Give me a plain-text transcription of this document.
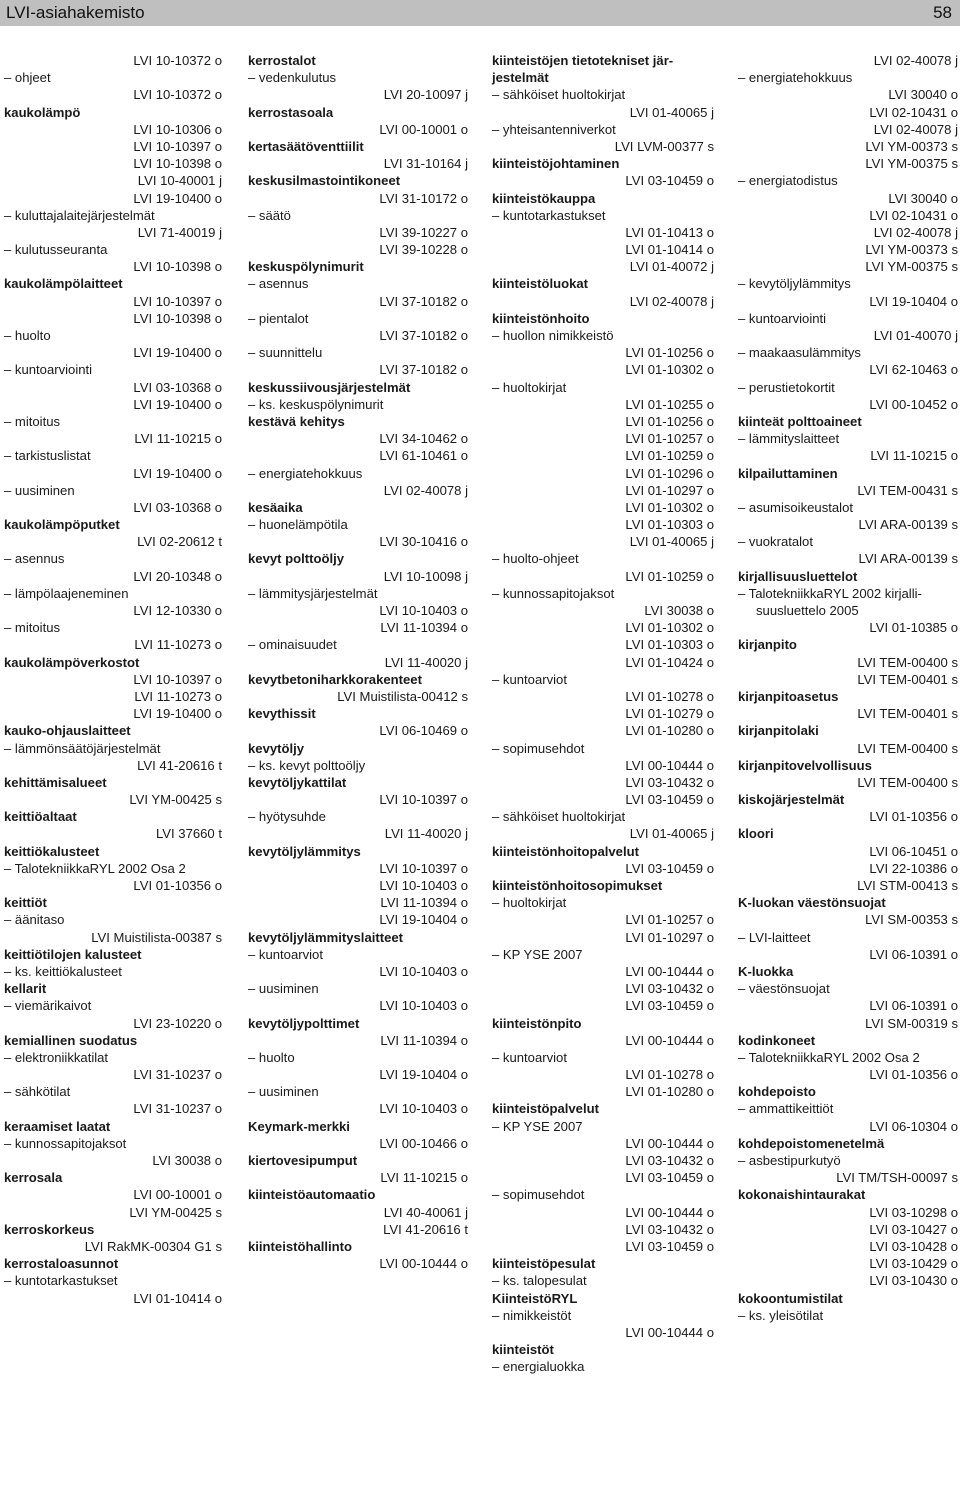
LVI-asiahakemisto	58
LVI 10-10372 o
– ohjeet
LVI 10-10372 o
kaukolämpö
LVI 10-10306 o
LVI 10-10397 o
LVI 10-10398 o
LVI 10-40001 j
LVI 19-10400 o
– kuluttajalaitejärjestelmät
LVI 71-40019 j
– kulutusseuranta
LVI 10-10398 o
kaukolämpölaitteet
LVI 10-10397 o
LVI 10-10398 o
– huolto
LVI 19-10400 o
– kuntoarviointi
LVI 03-10368 o
LVI 19-10400 o
– mitoitus
LVI 11-10215 o
– tarkistuslistat
LVI 19-10400 o
– uusiminen
LVI 03-10368 o
kaukolämpöputket
LVI 02-20612 t
– asennus
LVI 20-10348 o
– lämpölaajeneminen
LVI 12-10330 o
– mitoitus
LVI 11-10273 o
kaukolämpöverkostot
LVI 10-10397 o
LVI 11-10273 o
LVI 19-10400 o
kauko-ohjauslaitteet
– lämmönsäätöjärjestelmät
LVI 41-20616 t
kehittämisalueet
LVI YM-00425 s
keittiöaltaat
LVI 37660 t
keittiökalusteet
– TalotekniikkaRYL 2002 Osa 2
LVI 01-10356 o
keittiöt
– äänitaso
LVI Muistilista-00387 s
keittiötilojen kalusteet
– ks. keittiökalusteet
kellarit
– viemärikaivot
LVI 23-10220 o
kemiallinen suodatus
– elektroniikkatilat
LVI 31-10237 o
– sähkötilat
LVI 31-10237 o
keraamiset laatat
– kunnossapitojaksot
LVI 30038 o
kerrosala
LVI 00-10001 o
LVI YM-00425 s
kerroskorkeus
LVI RakMK-00304 G1 s
kerrostaloasunnot
– kuntotarkastukset
LVI 01-10414 o
kerrostalot
– vedenkulutus
LVI 20-10097 j
kerrostasoala
LVI 00-10001 o
kertasäätöventtiilit
LVI 31-10164 j
keskusilmastointikoneet
LVI 31-10172 o
– säätö
LVI 39-10227 o
LVI 39-10228 o
keskuspölynimurit
– asennus
LVI 37-10182 o
– pientalot
LVI 37-10182 o
– suunnittelu
LVI 37-10182 o
keskussiivousjärjestelmät
– ks. keskuspölynimurit
kestävä kehitys
LVI 34-10462 o
LVI 61-10461 o
– energiatehokkuus
LVI 02-40078 j
kesäaika
– huonelämpötila
LVI 30-10416 o
kevyt polttoöljy
LVI 10-10098 j
– lämmitysjärjestelmät
LVI 10-10403 o
LVI 11-10394 o
– ominaisuudet
LVI 11-40020 j
kevytbetoniharkkorakenteet
LVI Muistilista-00412 s
kevythissit
LVI 06-10469 o
kevytöljy
– ks. kevyt polttoöljy
kevytöljykattilat
LVI 10-10397 o
– hyötysuhde
LVI 11-40020 j
kevytöljylämmitys
LVI 10-10397 o
LVI 10-10403 o
LVI 11-10394 o
LVI 19-10404 o
kevytöljylämmityslaitteet
– kuntoarviot
LVI 10-10403 o
– uusiminen
LVI 10-10403 o
kevytöljypolttimet
LVI 11-10394 o
– huolto
LVI 19-10404 o
– uusiminen
LVI 10-10403 o
Keymark-merkki
LVI 00-10466 o
kiertovesipumput
LVI 11-10215 o
kiinteistöautomaatio
LVI 40-40061 j
LVI 41-20616 t
kiinteistöhallinto
LVI 00-10444 o
kiinteistöjen tietotekniset jär-
jestelmät
– sähköiset huoltokirjat
LVI 01-40065 j
– yhteisantenniverkot
LVI LVM-00377 s
kiinteistöjohtaminen
LVI 03-10459 o
kiinteistökauppa
– kuntotarkastukset
LVI 01-10413 o
LVI 01-10414 o
LVI 01-40072 j
kiinteistöluokat
LVI 02-40078 j
kiinteistönhoito
– huollon nimikkeistö
LVI 01-10256 o
LVI 01-10302 o
– huoltokirjat
LVI 01-10255 o
LVI 01-10256 o
LVI 01-10257 o
LVI 01-10259 o
LVI 01-10296 o
LVI 01-10297 o
LVI 01-10302 o
LVI 01-10303 o
LVI 01-40065 j
– huolto-ohjeet
LVI 01-10259 o
– kunnossapitojaksot
LVI 30038 o
LVI 01-10302 o
LVI 01-10303 o
LVI 01-10424 o
– kuntoarviot
LVI 01-10278 o
LVI 01-10279 o
LVI 01-10280 o
– sopimusehdot
LVI 00-10444 o
LVI 03-10432 o
LVI 03-10459 o
– sähköiset huoltokirjat
LVI 01-40065 j
kiinteistönhoitopalvelut
LVI 03-10459 o
kiinteistönhoitosopimukset
– huoltokirjat
LVI 01-10257 o
LVI 01-10297 o
– KP YSE 2007
LVI 00-10444 o
LVI 03-10432 o
LVI 03-10459 o
kiinteistönpito
LVI 00-10444 o
– kuntoarviot
LVI 01-10278 o
LVI 01-10280 o
kiinteistöpalvelut
– KP YSE 2007
LVI 00-10444 o
LVI 03-10432 o
LVI 03-10459 o
– sopimusehdot
LVI 00-10444 o
LVI 03-10432 o
LVI 03-10459 o
kiinteistöpesulat
– ks. talopesulat
KiinteistöRYL
– nimikkeistöt
LVI 00-10444 o
kiinteistöt
– energialuokka
LVI 02-40078 j
– energiatehokkuus
LVI 30040 o
LVI 02-10431 o
LVI 02-40078 j
LVI YM-00373 s
LVI YM-00375 s
– energiatodistus
LVI 30040 o
LVI 02-10431 o
LVI 02-40078 j
LVI YM-00373 s
LVI YM-00375 s
– kevytöljylämmitys
LVI 19-10404 o
– kuntoarviointi
LVI 01-40070 j
– maakaasulämmitys
LVI 62-10463 o
– perustietokortit
LVI 00-10452 o
kiinteät polttoaineet
– lämmityslaitteet
LVI 11-10215 o
kilpailuttaminen
LVI TEM-00431 s
– asumisoikeustalot
LVI ARA-00139 s
– vuokratalot
LVI ARA-00139 s
kirjallisuusluettelot
– TalotekniikkaRYL 2002 kirjalli-
suusluettelo 2005
LVI 01-10385 o
kirjanpito
LVI TEM-00400 s
LVI TEM-00401 s
kirjanpitoasetus
LVI TEM-00401 s
kirjanpitolaki
LVI TEM-00400 s
kirjanpitovelvollisuus
LVI TEM-00400 s
kiskojärjestelmät
LVI 01-10356 o
kloori
LVI 06-10451 o
LVI 22-10386 o
LVI STM-00413 s
K-luokan väestönsuojat
LVI SM-00353 s
– LVI-laitteet
LVI 06-10391 o
K-luokka
– väestönsuojat
LVI 06-10391 o
LVI SM-00319 s
kodinkoneet
– TalotekniikkaRYL 2002 Osa 2
LVI 01-10356 o
kohdepoisto
– ammattikeittiöt
LVI 06-10304 o
kohdepoistomenetelmä
– asbestipurkutyö
LVI TM/TSH-00097 s
kokonaishintaurakat
LVI 03-10298 o
LVI 03-10427 o
LVI 03-10428 o
LVI 03-10429 o
LVI 03-10430 o
kokoontumistilat
– ks. yleisötilat
